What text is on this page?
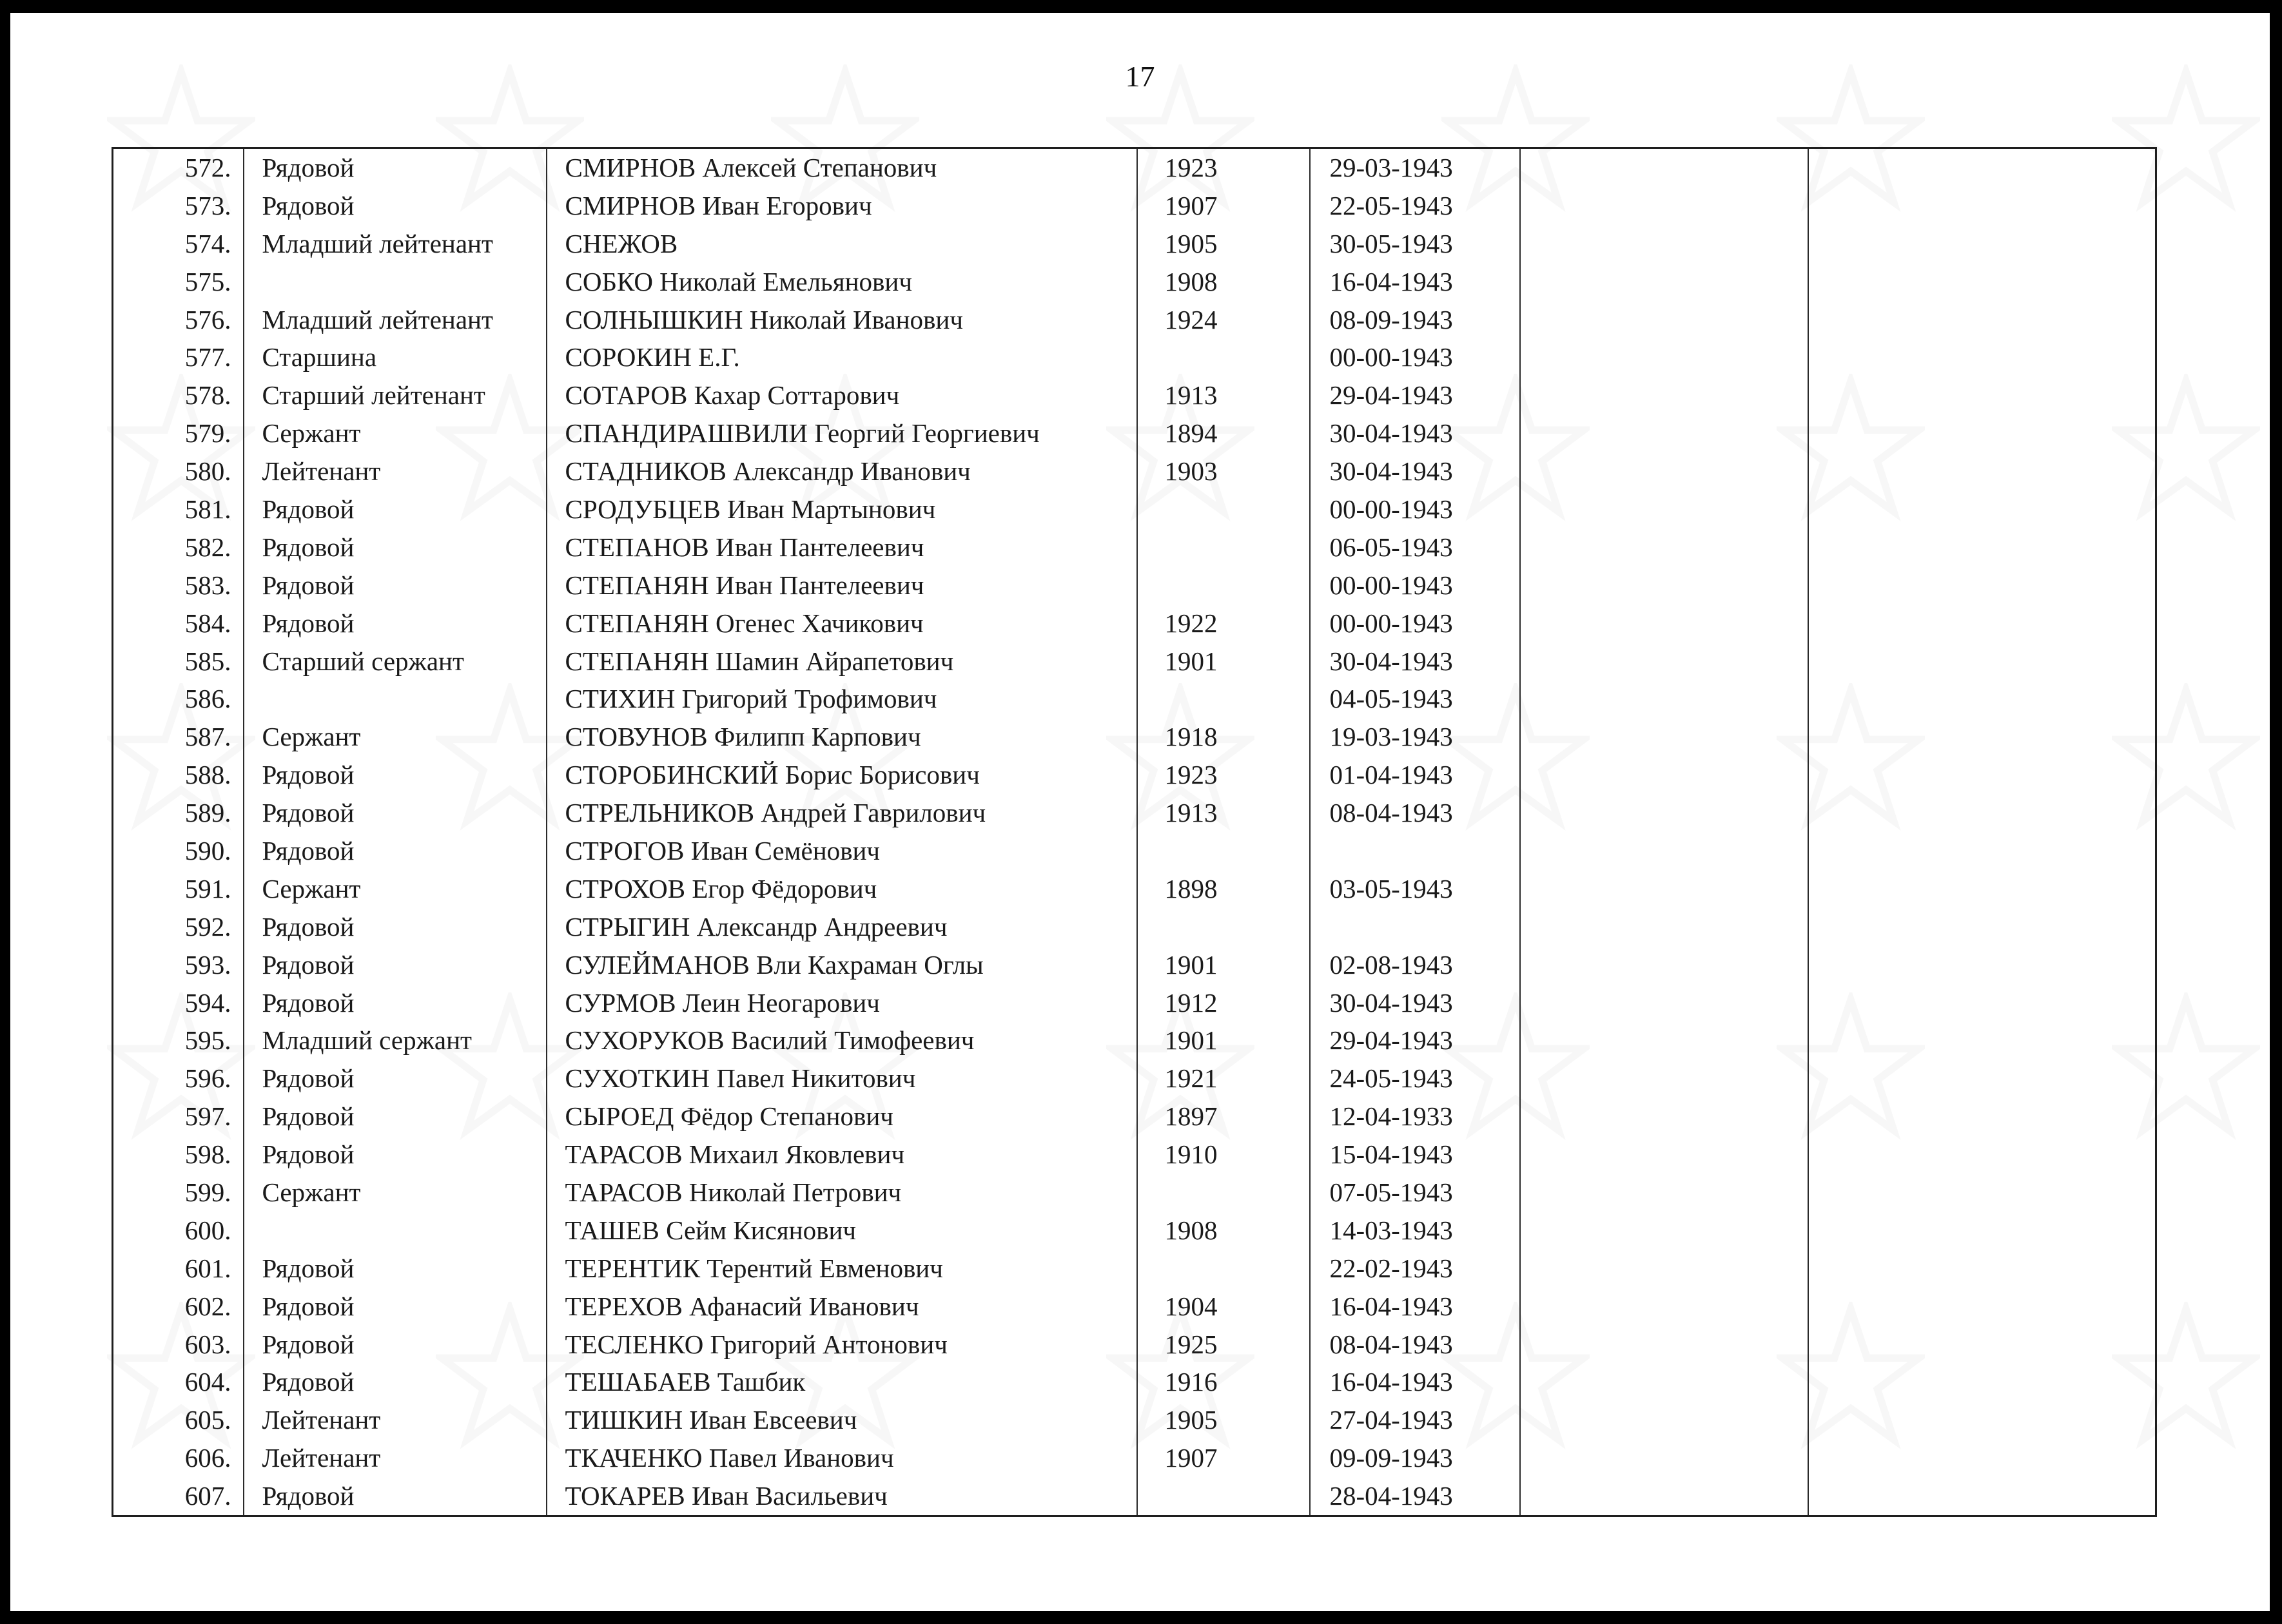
17
572.	Рядовой	СМИРНОВ Алексей Степанович	1923	29-03-1943		
573.	Рядовой	СМИРНОВ Иван Егорович	1907	22-05-1943		
574.	Младший лейтенант	СНЕЖОВ	1905	30-05-1943		
575.		СОБКО Николай Емельянович	1908	16-04-1943		
576.	Младший лейтенант	СОЛНЫШКИН Николай Иванович	1924	08-09-1943		
577.	Старшина	СОРОКИН Е.Г.		00-00-1943		
578.	Старший лейтенант	СОТАРОВ Кахар Соттарович	1913	29-04-1943		
579.	Сержант	СПАНДИРАШВИЛИ Георгий Георгиевич	1894	30-04-1943		
580.	Лейтенант	СТАДНИКОВ Александр Иванович	1903	30-04-1943		
581.	Рядовой	СРОДУБЦЕВ Иван Мартынович		00-00-1943		
582.	Рядовой	СТЕПАНОВ Иван Пантелеевич		06-05-1943		
583.	Рядовой	СТЕПАНЯН Иван Пантелеевич		00-00-1943		
584.	Рядовой	СТЕПАНЯН Огенес Хачикович	1922	00-00-1943		
585.	Старший сержант	СТЕПАНЯН Шамин Айрапетович	1901	30-04-1943		
586.		СТИХИН Григорий Трофимович		04-05-1943		
587.	Сержант	СТОВУНОВ Филипп Карпович	1918	19-03-1943		
588.	Рядовой	СТОРОБИНСКИЙ Борис Борисович	1923	01-04-1943		
589.	Рядовой	СТРЕЛЬНИКОВ Андрей Гаврилович	1913	08-04-1943		
590.	Рядовой	СТРОГОВ Иван Семёнович				
591.	Сержант	СТРОХОВ Егор Фёдорович	1898	03-05-1943		
592.	Рядовой	СТРЫГИН Александр Андреевич				
593.	Рядовой	СУЛЕЙМАНОВ Вли Кахраман Оглы	1901	02-08-1943		
594.	Рядовой	СУРМОВ Леин Неогарович	1912	30-04-1943		
595.	Младший сержант	СУХОРУКОВ Василий Тимофеевич	1901	29-04-1943		
596.	Рядовой	СУХОТКИН Павел Никитович	1921	24-05-1943		
597.	Рядовой	СЫРОЕД Фёдор Степанович	1897	12-04-1933		
598.	Рядовой	ТАРАСОВ Михаил Яковлевич	1910	15-04-1943		
599.	Сержант	ТАРАСОВ Николай Петрович		07-05-1943		
600.		ТАШЕВ Сейм Кисянович	1908	14-03-1943		
601.	Рядовой	ТЕРЕНТИК Терентий Евменович		22-02-1943		
602.	Рядовой	ТЕРЕХОВ Афанасий Иванович	1904	16-04-1943		
603.	Рядовой	ТЕСЛЕНКО Григорий Антонович	1925	08-04-1943		
604.	Рядовой	ТЕШАБАЕВ Ташбик	1916	16-04-1943		
605.	Лейтенант	ТИШКИН Иван Евсеевич	1905	27-04-1943		
606.	Лейтенант	ТКАЧЕНКО Павел Иванович	1907	09-09-1943		
607.	Рядовой	ТОКАРЕВ Иван Васильевич		28-04-1943		
